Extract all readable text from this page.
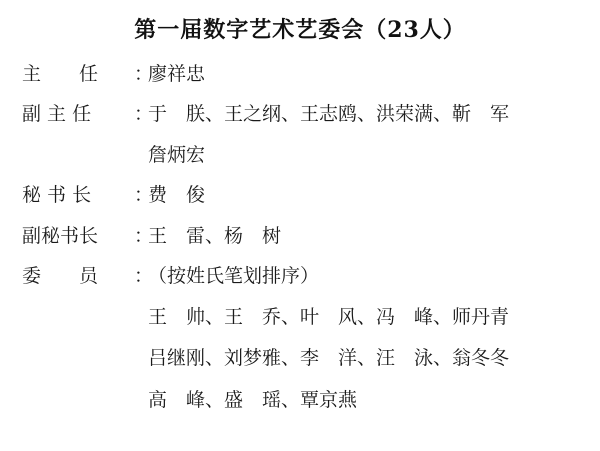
第一届数字艺术艺委会（23人）
主　　任	：
廖祥忠
副 主 任	：
于　朕、王之纲、王志鸥、洪荣满、靳　军
詹炳宏
秘 书 长	：
费　俊
副秘书长	：
王　雷、杨　树
委　　员	：
（按姓氏笔划排序）
王　帅、王　乔、叶　风、冯　峰、师丹青
吕继刚、刘梦雅、李　洋、汪　泳、翁冬冬
高　峰、盛　瑶、覃京燕
